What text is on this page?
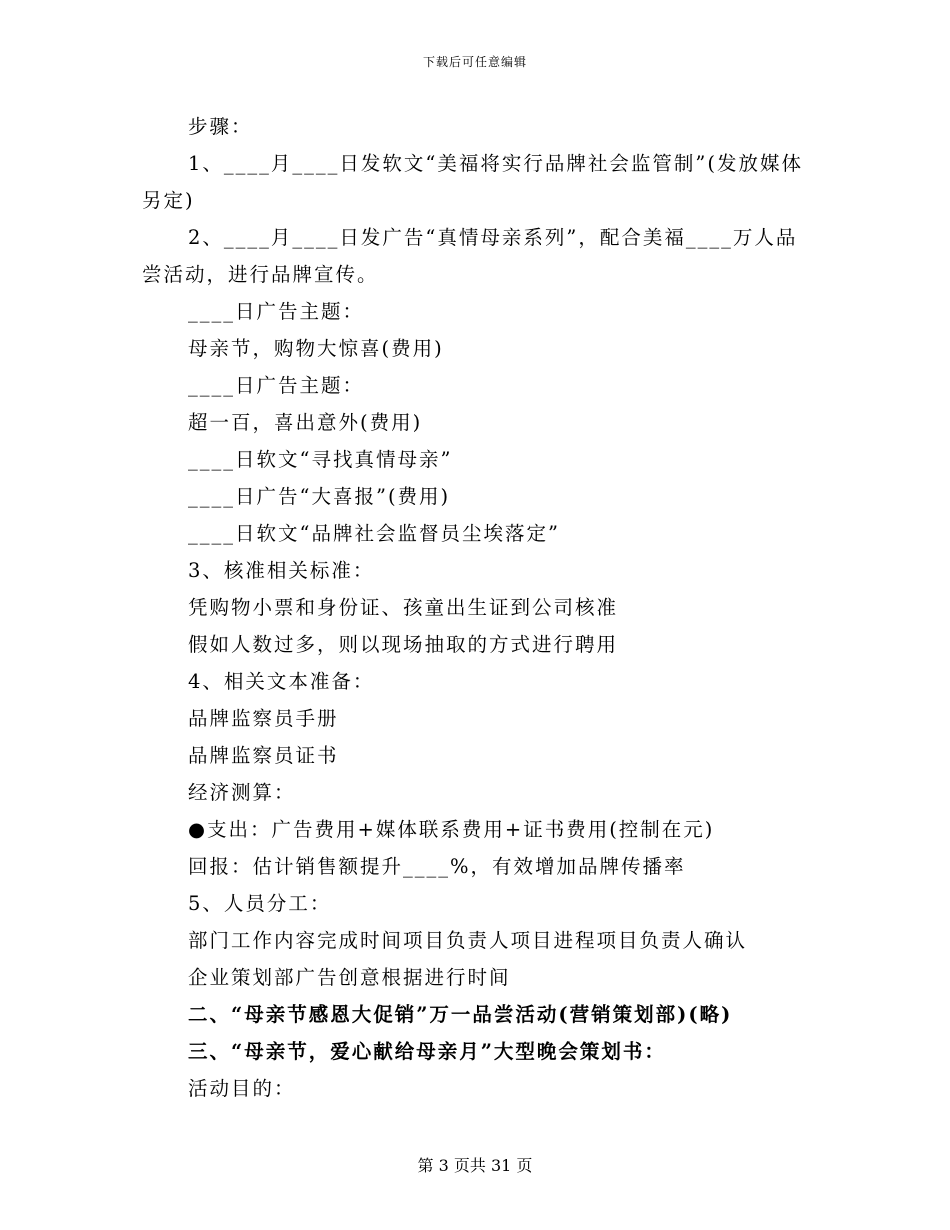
下载后可任意编辑
步骤：
1、____月____日发软文“美福将实行品牌社会监管制”(发放媒体另定)
2、____月____日发广告“真情母亲系列”，配合美福____万人品尝活动，进行品牌宣传。
____日广告主题：
母亲节，购物大惊喜(费用)
____日广告主题：
超一百，喜出意外(费用)
____日软文“寻找真情母亲”
____日广告“大喜报”(费用)
____日软文“品牌社会监督员尘埃落定”
3、核准相关标准：
凭购物小票和身份证、孩童出生证到公司核准
假如人数过多，则以现场抽取的方式进行聘用
4、相关文本准备：
品牌监察员手册
品牌监察员证书
经济测算：
●支出：广告费用+媒体联系费用+证书费用(控制在元)
回报：估计销售额提升____%，有效增加品牌传播率
5、人员分工：
部门工作内容完成时间项目负责人项目进程项目负责人确认
企业策划部广告创意根据进行时间
二、“母亲节感恩大促销”万一品尝活动(营销策划部)(略)
三、“母亲节，爱心献给母亲月”大型晚会策划书：
活动目的：
第 3 页共 31 页
